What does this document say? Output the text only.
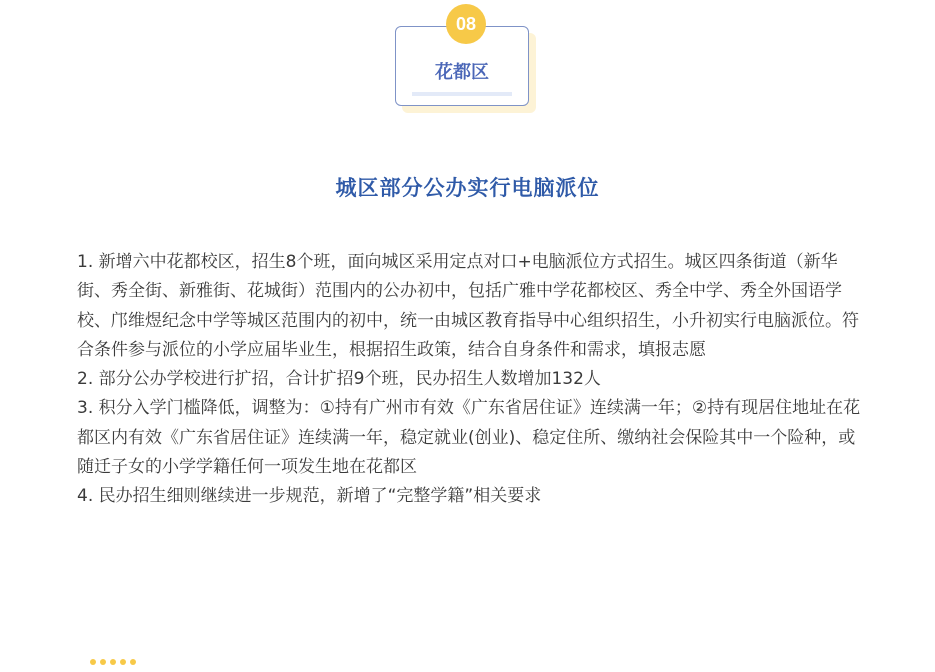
08
花都区
城区部分公办实行电脑派位

1. 新增六中花都校区，招生8个班，面向城区采用定点对口+电脑派位方式招生。城区四条街道（新华街、秀全街、新雅街、花城街）范围内的公办初中，包括广雅中学花都校区、秀全中学、秀全外国语学校、邝维煜纪念中学等城区范围内的初中，统一由城区教育指导中心组织招生，小升初实行电脑派位。符合条件参与派位的小学应届毕业生，根据招生政策，结合自身条件和需求，填报志愿

2. 部分公办学校进行扩招，合计扩招9个班，民办招生人数增加132人

3. 积分入学门槛降低，调整为：①持有广州市有效《广东省居住证》连续满一年；②持有现居住地址在花都区内有效《广东省居住证》连续满一年，稳定就业(创业)、稳定住所、缴纳社会保险其中一个险种，或随迁子女的小学学籍任何一项发生地在花都区

4. 民办招生细则继续进一步规范，新增了“完整学籍”相关要求
